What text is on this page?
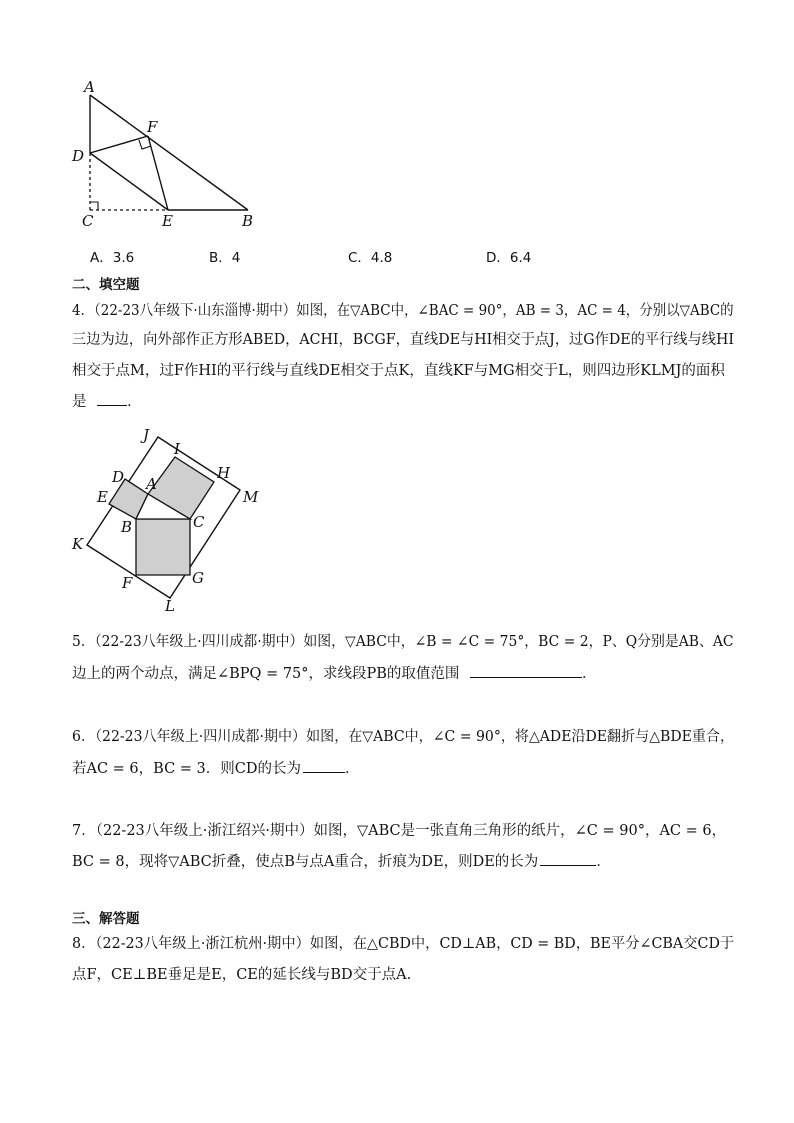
A
F
D
C	E	B
A．3.6	B．4	C．4.8	D．6.4
二、填空题
4．（22-23八年级下·山东淄博·期中）如图，在▽ABC中，∠BAC = 90°，AB = 3，AC = 4，分别以▽ABC的
三边为边，向外部作正方形ABED，ACHI，BCGF，直线DE与HI相交于点J，过G作DE的平行线与线HI
相交于点M，过F作HI的平行线与直线DE相交于点K，直线KF与MG相交于L，则四边形KLMJ的面积
是	．
J
I
H
D A
E	M
B	C
K
F	G
L
5．（22-23八年级上·四川成都·期中）如图，▽ABC中，∠B = ∠C = 75°，BC = 2，P、Q分别是AB、AC
边上的两个动点，满足∠BPQ = 75°，求线段PB的取值范围	．
6．（22-23八年级上·四川成都·期中）如图，在▽ABC中，∠C = 90°，将△ADE沿DE翻折与△BDE重合，
若AC = 6，BC = 3．则CD的长为	．
7．（22-23八年级上·浙江绍兴·期中）如图，▽ABC是一张直角三角形的纸片，∠C = 90°，AC = 6，
BC = 8，现将▽ABC折叠，使点B与点A重合，折痕为DE，则DE的长为	．
三、解答题
8．（22-23八年级上·浙江杭州·期中）如图，在△CBD中，CD⊥AB，CD = BD，BE平分∠CBA交CD于
点F，CE⊥BE垂足是E，CE的延长线与BD交于点A.
